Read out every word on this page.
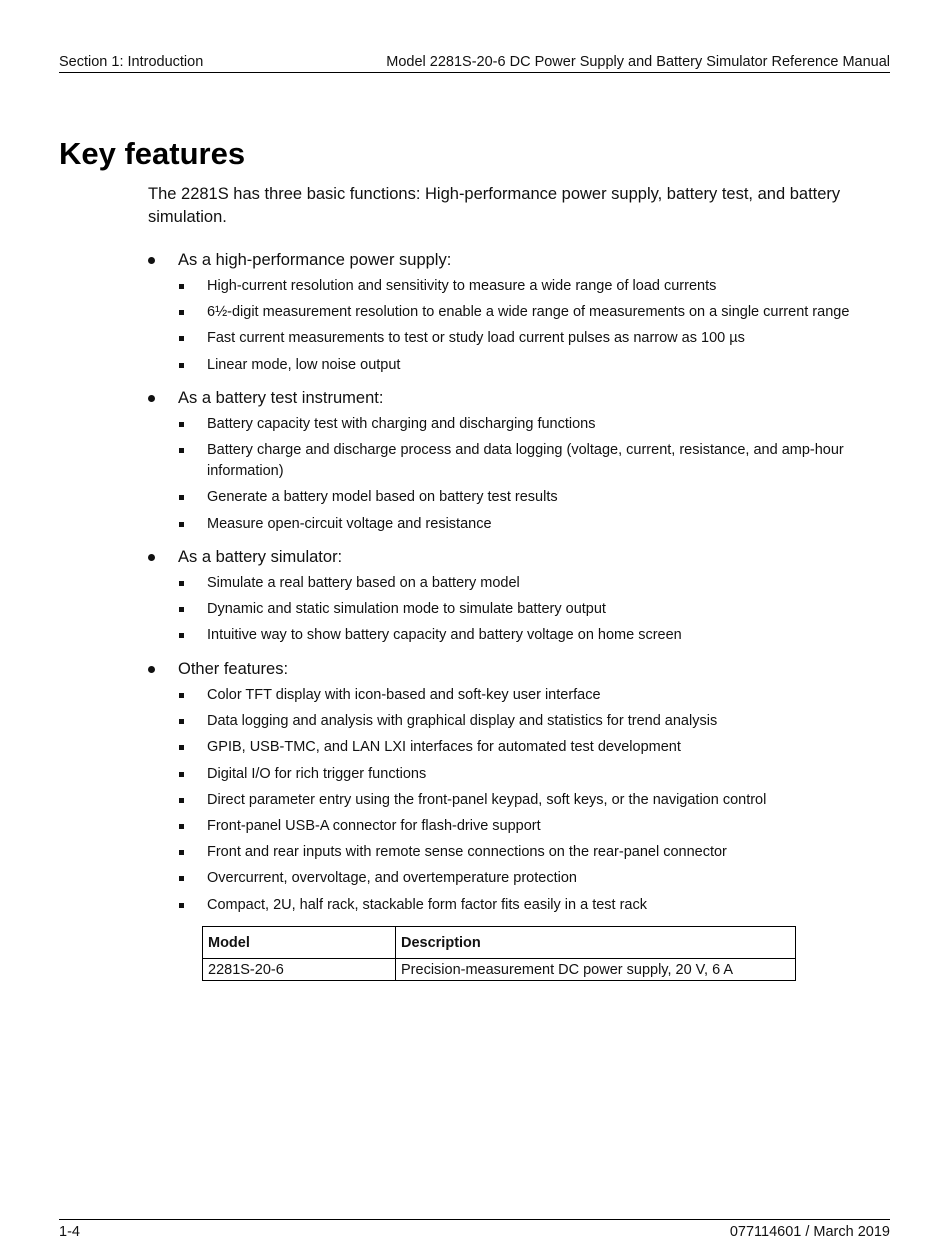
Section 1: Introduction	Model 2281S-20-6 DC Power Supply and Battery Simulator Reference Manual
Key features

The 2281S has three basic functions: High-performance power supply, battery test, and battery simulation.

As a high-performance power supply:
High-current resolution and sensitivity to measure a wide range of load currents
6½-digit measurement resolution to enable a wide range of measurements on a single current range
Fast current measurements to test or study load current pulses as narrow as 100 µs
Linear mode, low noise output
As a battery test instrument:
Battery capacity test with charging and discharging functions
Battery charge and discharge process and data logging (voltage, current, resistance, and amp-hour information)
Generate a battery model based on battery test results
Measure open-circuit voltage and resistance
As a battery simulator:
Simulate a real battery based on a battery model
Dynamic and static simulation mode to simulate battery output
Intuitive way to show battery capacity and battery voltage on home screen
Other features:
Color TFT display with icon-based and soft-key user interface
Data logging and analysis with graphical display and statistics for trend analysis
GPIB, USB-TMC, and LAN LXI interfaces for automated test development
Digital I/O for rich trigger functions
Direct parameter entry using the front-panel keypad, soft keys, or the navigation control
Front-panel USB-A connector for flash-drive support
Front and rear inputs with remote sense connections on the rear-panel connector
Overcurrent, overvoltage, and overtemperature protection
Compact, 2U, half rack, stackable form factor fits easily in a test rack
Model	Description
2281S-20-6	Precision-measurement DC power supply, 20 V, 6 A
1-4	077114601 / March 2019
